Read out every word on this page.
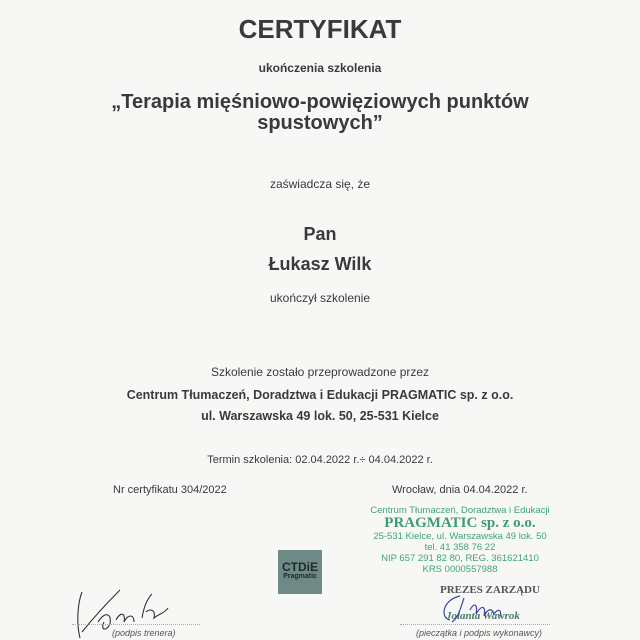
CERTYFIKAT
ukończenia szkolenia
„Terapia mięśniowo-powięziowych punktów
spustowych”
zaświadcza się, że
Pan
Łukasz Wilk
ukończył szkolenie
Szkolenie zostało przeprowadzone przez
Centrum Tłumaczeń, Doradztwa i Edukacji PRAGMATIC sp. z o.o.
ul. Warszawska 49 lok. 50, 25-531 Kielce
Termin szkolenia: 02.04.2022 r.÷ 04.04.2022 r.
Nr certyfikatu 304/2022	Wrocław, dnia 04.04.2022 r.
Centrum Tłumaczeń, Doradztwa i Edukacji
PRAGMATIC sp. z o.o.
25-531 Kielce, ul. Warszawska 49 lok. 50
tel. 41 358 76 22
NIP 657 291 82 80, REG. 361621410
KRS 0000557988
PREZES ZARZĄDU
Jolanta Wawrok
CTDiE
Pragmatic
(podpis trenera)	(pieczątka i podpis wykonawcy)
